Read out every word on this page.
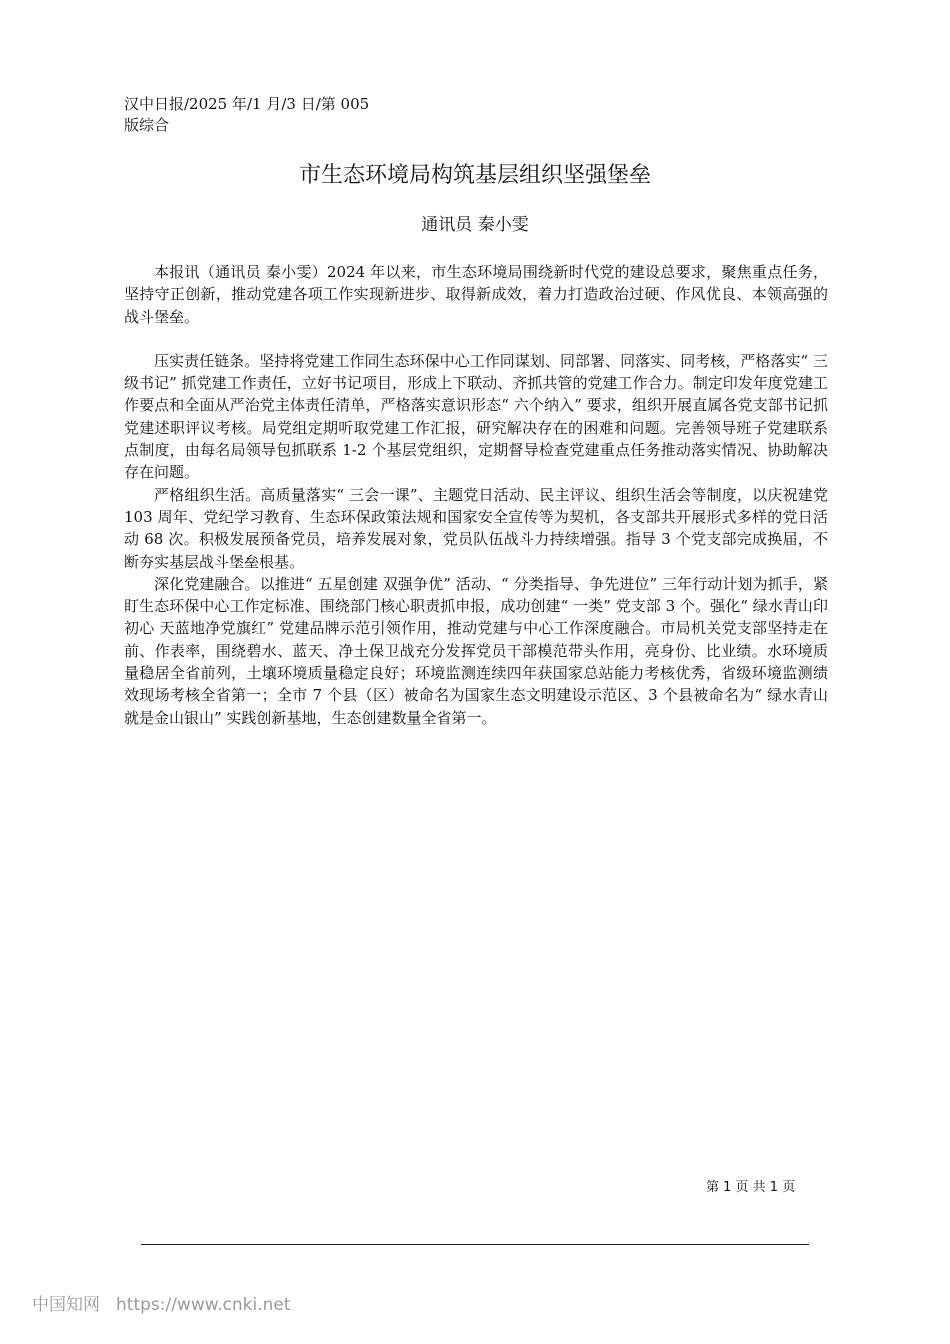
汉中日报/2025 年/1 月/3 日/第 005 版综合
市生态环境局构筑基层组织坚强堡垒
通讯员 秦小雯

本报讯（通讯员 秦小雯）2024 年以来，市生态环境局围绕新时代党的建设总要求，聚焦重点任务，坚持守正创新，推动党建各项工作实现新进步、取得新成效，着力打造政治过硬、作风优良、本领高强的战斗堡垒。

压实责任链条。坚持将党建工作同生态环保中心工作同谋划、同部署、同落实、同考核，严格落实“ 三级书记” 抓党建工作责任，立好书记项目，形成上下联动、齐抓共管的党建工作合力。制定印发年度党建工作要点和全面从严治党主体责任清单，严格落实意识形态“ 六个纳入” 要求，组织开展直属各党支部书记抓党建述职评议考核。局党组定期听取党建工作汇报，研究解决存在的困难和问题。完善领导班子党建联系点制度，由每名局领导包抓联系 1-2 个基层党组织，定期督导检查党建重点任务推动落实情况、协助解决存在问题。

严格组织生活。高质量落实“ 三会一课”、主题党日活动、民主评议、组织生活会等制度，以庆祝建党 103 周年、党纪学习教育、生态环保政策法规和国家安全宣传等为契机，各支部共开展形式多样的党日活动 68 次。积极发展预备党员，培养发展对象，党员队伍战斗力持续增强。指导 3 个党支部完成换届，不断夯实基层战斗堡垒根基。

深化党建融合。以推进“ 五星创建 双强争优” 活动、“ 分类指导、争先进位” 三年行动计划为抓手，紧盯生态环保中心工作定标准、围绕部门核心职责抓申报，成功创建“ 一类” 党支部 3 个。强化“ 绿水青山印初心 天蓝地净党旗红” 党建品牌示范引领作用，推动党建与中心工作深度融合。市局机关党支部坚持走在前、作表率，围绕碧水、蓝天、净土保卫战充分发挥党员干部模范带头作用，亮身份、比业绩。水环境质量稳居全省前列，土壤环境质量稳定良好；环境监测连续四年获国家总站能力考核优秀，省级环境监测绩效现场考核全省第一；全市 7 个县（区）被命名为国家生态文明建设示范区、3 个县被命名为“ 绿水青山就是金山银山” 实践创新基地，生态创建数量全省第一。

第 1 页 共 1 页
中国知网 https://www.cnki.net
